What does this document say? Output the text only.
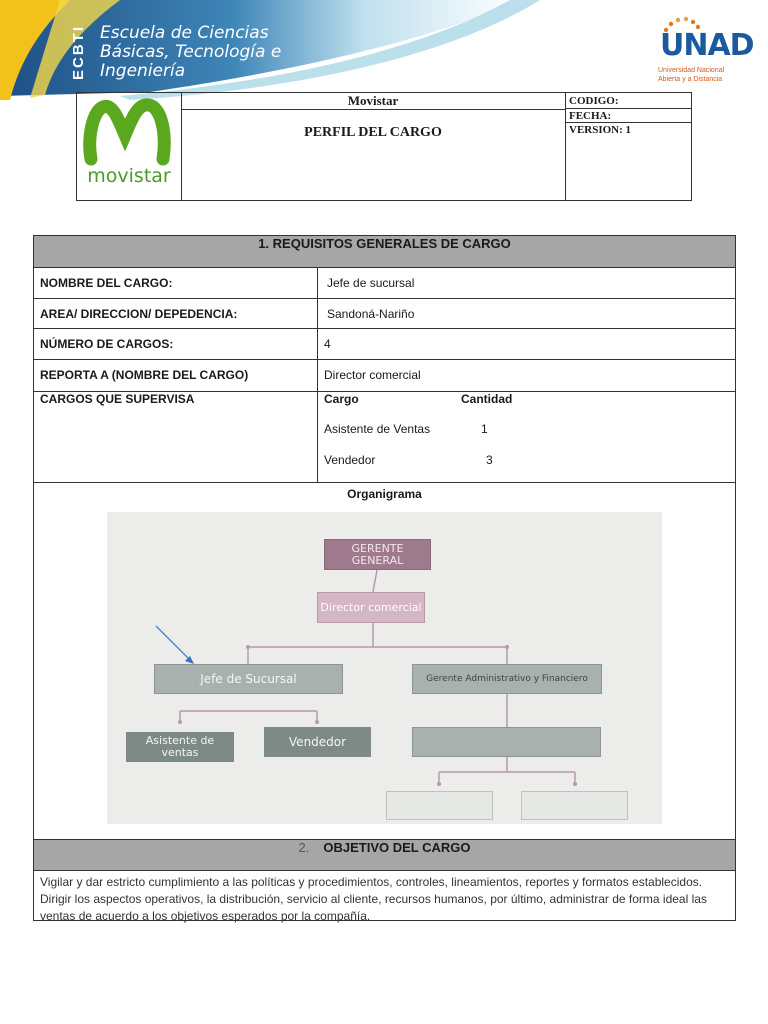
ECBTI Escuela de Ciencias
Básicas, Tecnología e
Ingeniería
UNAD
Universidad Nacional
Abierta y a Distancia
movistar
Movistar
PERFIL DEL CARGO
CODIGO:
FECHA:
VERSION: 1
1. REQUISITOS GENERALES DE CARGO
NOMBRE DEL CARGO:	Jefe de sucursal
AREA/ DIRECCION/ DEPEDENCIA:	Sandoná-Nariño
NÚMERO DE CARGOS:	4
REPORTA A (NOMBRE DEL CARGO)	Director comercial
CARGOS QUE SUPERVISA	Cargo	Cantidad
Asistente de Ventas	1
Vendedor	3
Organigrama
GERENTE GENERAL
Director comercial
Jefe de Sucursal	Gerente Administrativo y Financiero
Asistente de ventas
Vendedor
2. OBJETIVO DEL CARGO
Vigilar y dar estricto cumplimiento a las políticas y procedimientos, controles, lineamientos, reportes y formatos establecidos. Dirigir los aspectos operativos, la distribución, servicio al cliente, recursos humanos, por último, administrar de forma ideal las ventas de acuerdo a los objetivos esperados por la compañía.
